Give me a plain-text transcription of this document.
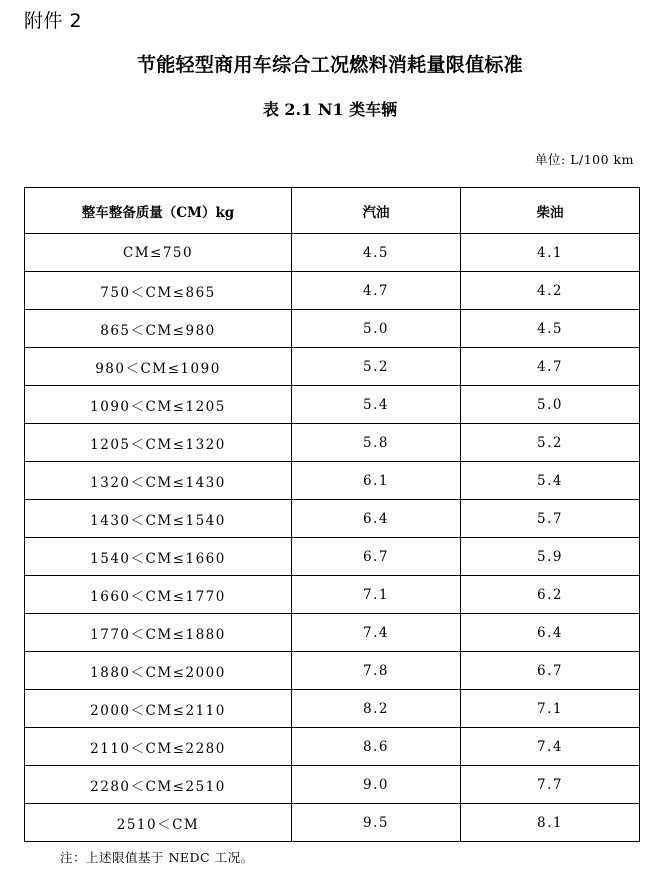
附件 2
节能轻型商用车综合工况燃料消耗量限值标准
表 2.1 N1 类车辆
单位: L/100 km
整车整备质量（CM）kg	汽油	柴油
CM≤750	4.5	4.1
750＜CM≤865	4.7	4.2
865＜CM≤980	5.0	4.5
980＜CM≤1090	5.2	4.7
1090＜CM≤1205	5.4	5.0
1205＜CM≤1320	5.8	5.2
1320＜CM≤1430	6.1	5.4
1430＜CM≤1540	6.4	5.7
1540＜CM≤1660	6.7	5.9
1660＜CM≤1770	7.1	6.2
1770＜CM≤1880	7.4	6.4
1880＜CM≤2000	7.8	6.7
2000＜CM≤2110	8.2	7.1
2110＜CM≤2280	8.6	7.4
2280＜CM≤2510	9.0	7.7
2510＜CM	9.5	8.1
注：上述限值基于 NEDC 工况。
